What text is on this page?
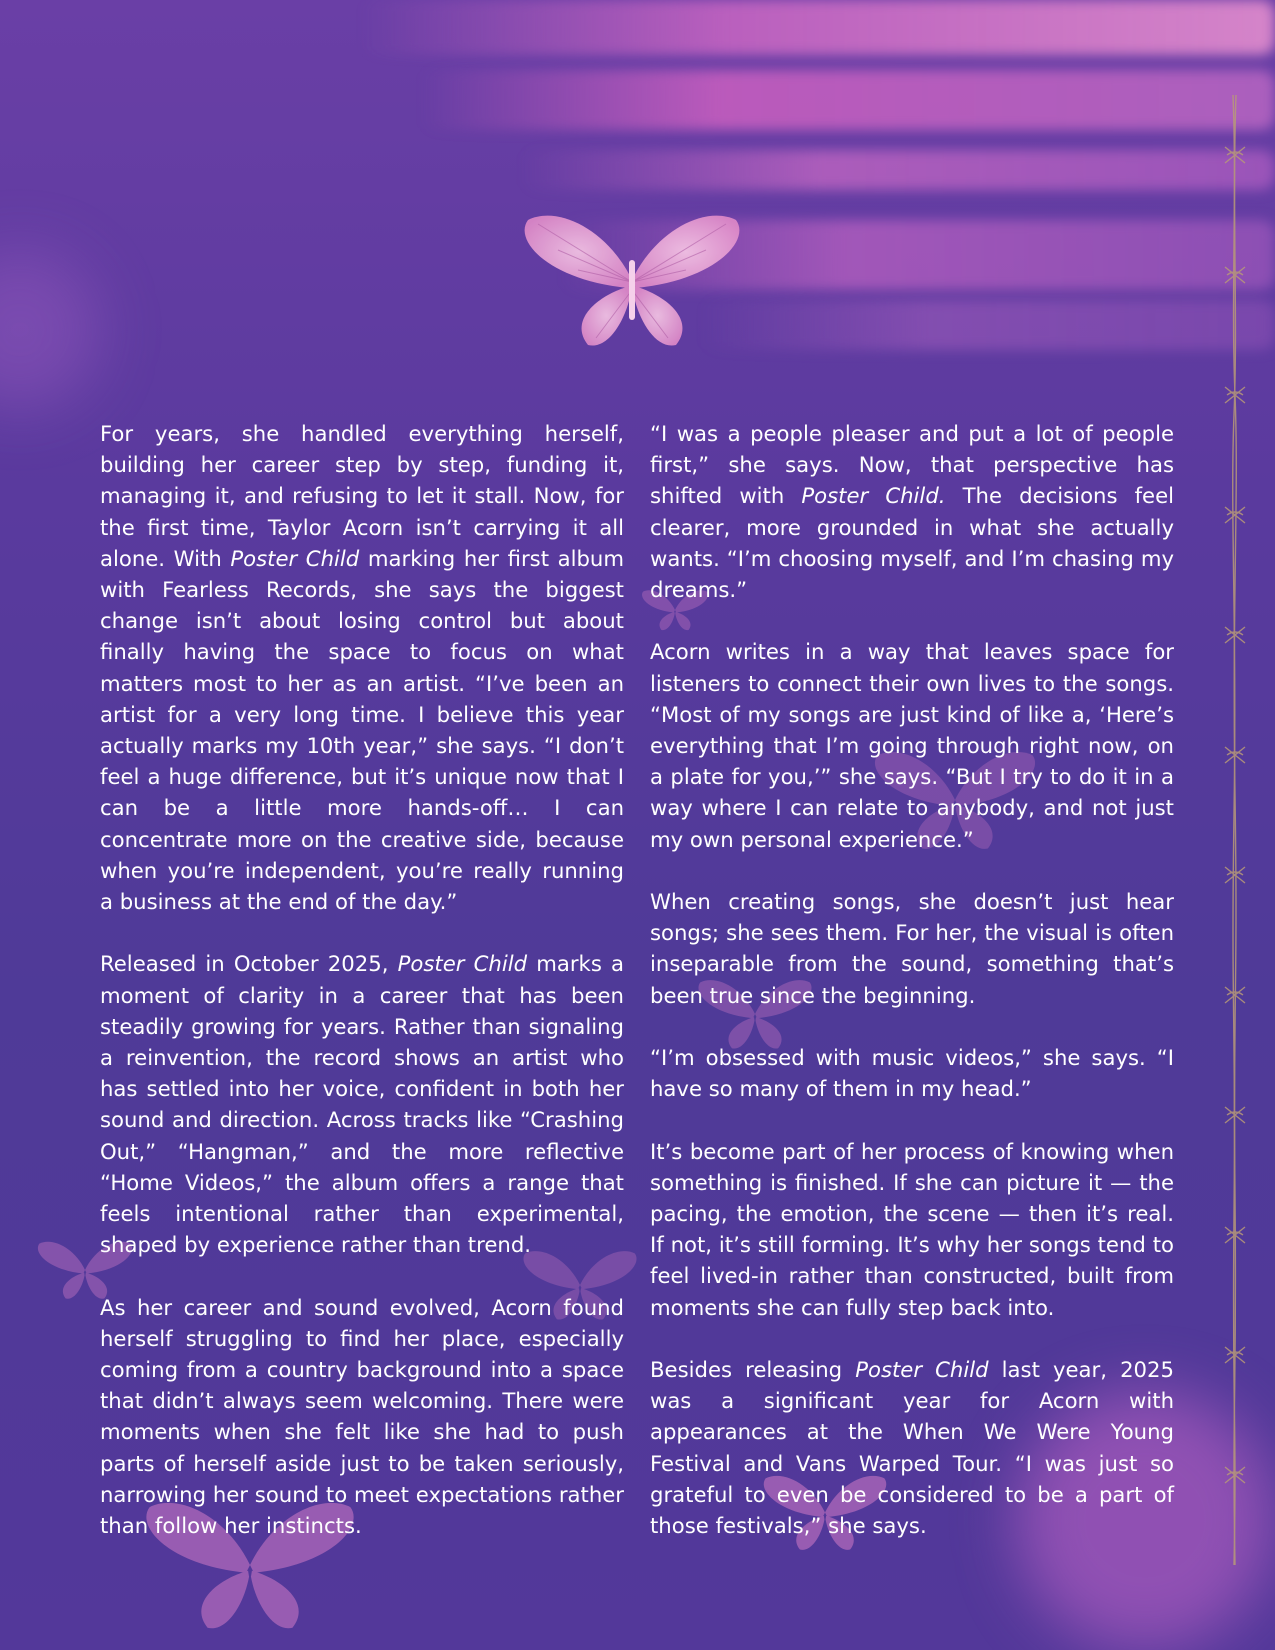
For years, she handled everything herself, building her career step by step, funding it, managing it, and refusing to let it stall. Now, for the first time, Taylor Acorn isn’t carrying it all alone. With Poster Child marking her first album with Fearless Records, she says the biggest change isn’t about losing control but about finally having the space to focus on what matters most to her as an artist. “I’ve been an artist for a very long time. I believe this year actually marks my 10th year,” she says. “I don’t feel a huge difference, but it’s unique now that I can be a little more hands-off… I can concentrate more on the creative side, because when you’re independent, you’re really running a business at the end of the day.”

Released in October 2025, Poster Child marks a moment of clarity in a career that has been steadily growing for years. Rather than signaling a reinvention, the record shows an artist who has settled into her voice, confident in both her sound and direction. Across tracks like “Crashing Out,” “Hangman,” and the more reflective “Home Videos,” the album offers a range that feels intentional rather than experimental, shaped by experience rather than trend.

As her career and sound evolved, Acorn found herself struggling to find her place, especially coming from a country background into a space that didn’t always seem welcoming. There were moments when she felt like she had to push parts of herself aside just to be taken seriously, narrowing her sound to meet expectations rather than follow her instincts.

“I was a people pleaser and put a lot of people first,” she says. Now, that perspective has shifted with Poster Child. The decisions feel clearer, more grounded in what she actually wants. “I’m choosing myself, and I’m chasing my dreams.”

Acorn writes in a way that leaves space for listeners to connect their own lives to the songs. “Most of my songs are just kind of like a, ‘Here’s everything that I’m going through right now, on a plate for you,’” she says. “But I try to do it in a way where I can relate to anybody, and not just my own personal experience.”

When creating songs, she doesn’t just hear songs; she sees them. For her, the visual is often inseparable from the sound, something that’s been true since the beginning.

“I’m obsessed with music videos,” she says. “I have so many of them in my head.”

It’s become part of her process of knowing when something is finished. If she can picture it — the pacing, the emotion, the scene — then it’s real. If not, it’s still forming. It’s why her songs tend to feel lived-in rather than constructed, built from moments she can fully step back into.

Besides releasing Poster Child last year, 2025 was a significant year for Acorn with appearances at the When We Were Young Festival and Vans Warped Tour. “I was just so grateful to even be considered to be a part of those festivals,” she says.
